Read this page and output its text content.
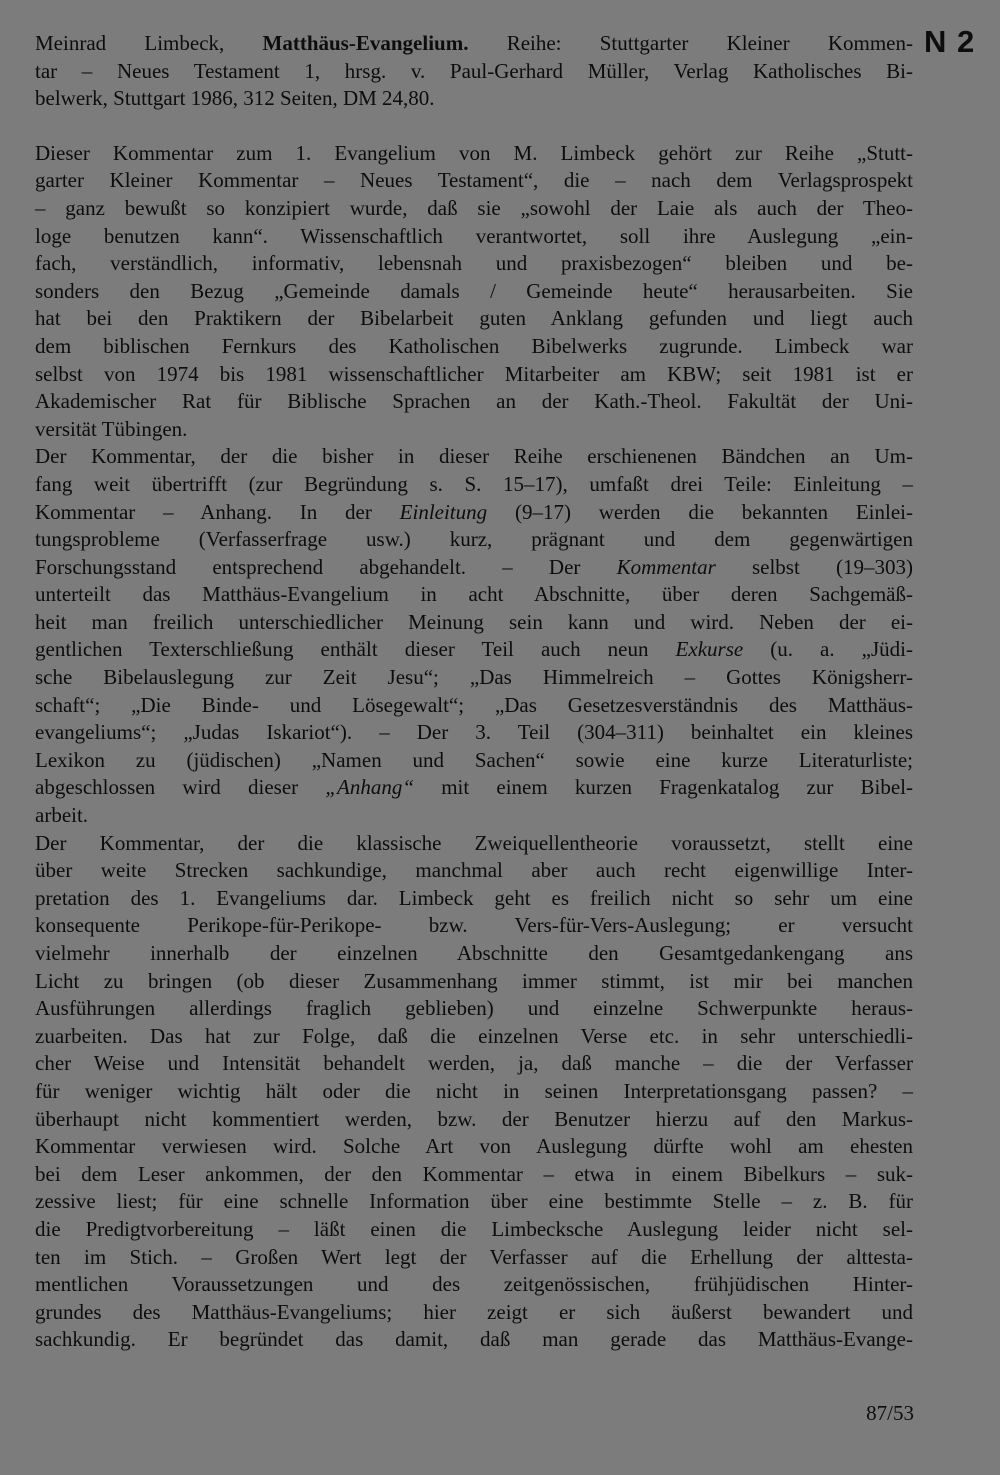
N 2
Meinrad Limbeck, Matthäus-Evangelium. Reihe: Stuttgarter Kleiner Kommen-
tar – Neues Testament 1, hrsg. v. Paul-Gerhard Müller, Verlag Katholisches Bi-
belwerk, Stuttgart 1986, 312 Seiten, DM 24,80.
Dieser Kommentar zum 1. Evangelium von M. Limbeck gehört zur Reihe „Stutt-
garter Kleiner Kommentar – Neues Testament“, die – nach dem Verlagsprospekt
– ganz bewußt so konzipiert wurde, daß sie „sowohl der Laie als auch der Theo-
loge benutzen kann“. Wissenschaftlich verantwortet, soll ihre Auslegung „ein-
fach, verständlich, informativ, lebensnah und praxisbezogen“ bleiben und be-
sonders den Bezug „Gemeinde damals / Gemeinde heute“ herausarbeiten. Sie
hat bei den Praktikern der Bibelarbeit guten Anklang gefunden und liegt auch
dem biblischen Fernkurs des Katholischen Bibelwerks zugrunde. Limbeck war
selbst von 1974 bis 1981 wissenschaftlicher Mitarbeiter am KBW; seit 1981 ist er
Akademischer Rat für Biblische Sprachen an der Kath.-Theol. Fakultät der Uni-
versität Tübingen.
Der Kommentar, der die bisher in dieser Reihe erschienenen Bändchen an Um-
fang weit übertrifft (zur Begründung s. S. 15–17), umfaßt drei Teile: Einleitung –
Kommentar – Anhang. In der Einleitung (9–17) werden die bekannten Einlei-
tungsprobleme (Verfasserfrage usw.) kurz, prägnant und dem gegenwärtigen
Forschungsstand entsprechend abgehandelt. – Der Kommentar selbst (19–303)
unterteilt das Matthäus-Evangelium in acht Abschnitte, über deren Sachgemäß-
heit man freilich unterschiedlicher Meinung sein kann und wird. Neben der ei-
gentlichen Texterschließung enthält dieser Teil auch neun Exkurse (u. a. „Jüdi-
sche Bibelauslegung zur Zeit Jesu“; „Das Himmelreich – Gottes Königsherr-
schaft“; „Die Binde- und Lösegewalt“; „Das Gesetzesverständnis des Matthäus-
evangeliums“; „Judas Iskariot“). – Der 3. Teil (304–311) beinhaltet ein kleines
Lexikon zu (jüdischen) „Namen und Sachen“ sowie eine kurze Literaturliste;
abgeschlossen wird dieser „Anhang“ mit einem kurzen Fragenkatalog zur Bibel-
arbeit.
Der Kommentar, der die klassische Zweiquellentheorie voraussetzt, stellt eine
über weite Strecken sachkundige, manchmal aber auch recht eigenwillige Inter-
pretation des 1. Evangeliums dar. Limbeck geht es freilich nicht so sehr um eine
konsequente Perikope-für-Perikope- bzw. Vers-für-Vers-Auslegung; er versucht
vielmehr innerhalb der einzelnen Abschnitte den Gesamtgedankengang ans
Licht zu bringen (ob dieser Zusammenhang immer stimmt, ist mir bei manchen
Ausführungen allerdings fraglich geblieben) und einzelne Schwerpunkte heraus-
zuarbeiten. Das hat zur Folge, daß die einzelnen Verse etc. in sehr unterschiedli-
cher Weise und Intensität behandelt werden, ja, daß manche – die der Verfasser
für weniger wichtig hält oder die nicht in seinen Interpretationsgang passen? –
überhaupt nicht kommentiert werden, bzw. der Benutzer hierzu auf den Markus-
Kommentar verwiesen wird. Solche Art von Auslegung dürfte wohl am ehesten
bei dem Leser ankommen, der den Kommentar – etwa in einem Bibelkurs – suk-
zessive liest; für eine schnelle Information über eine bestimmte Stelle – z. B. für
die Predigtvorbereitung – läßt einen die Limbecksche Auslegung leider nicht sel-
ten im Stich. – Großen Wert legt der Verfasser auf die Erhellung der alttesta-
mentlichen Voraussetzungen und des zeitgenössischen, frühjüdischen Hinter-
grundes des Matthäus-Evangeliums; hier zeigt er sich äußerst bewandert und
sachkundig. Er begründet das damit, daß man gerade das Matthäus-Evange-
87/53
